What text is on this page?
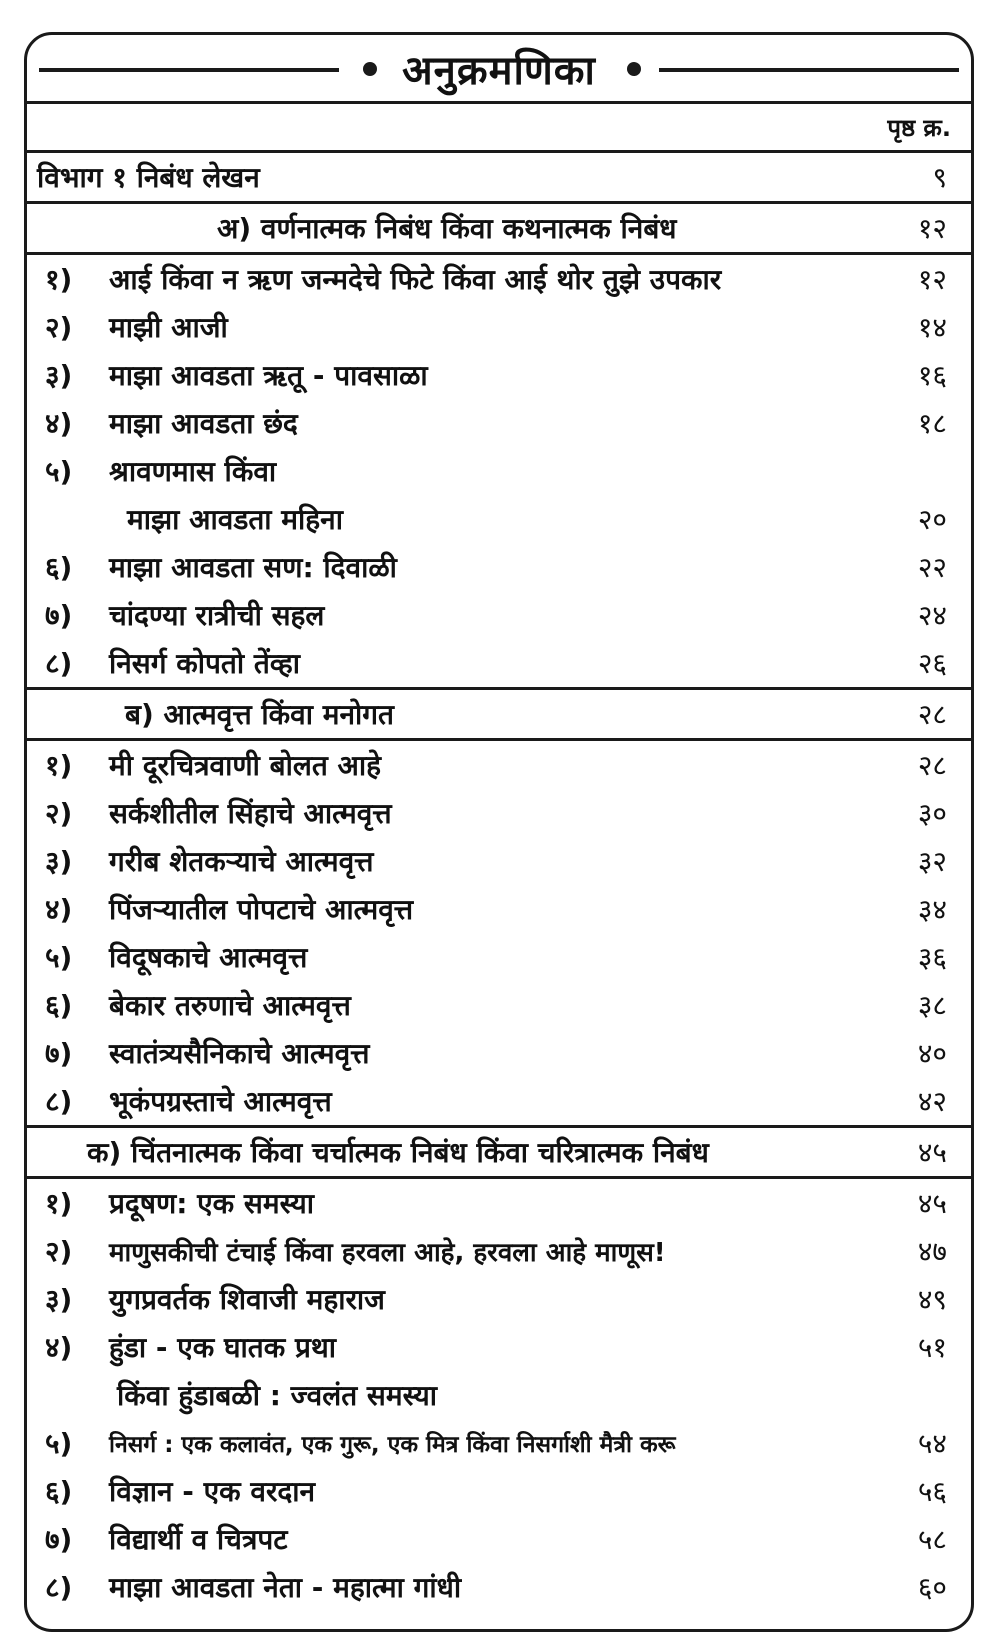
अनुक्रमणिका
पृष्ठ क्र.
विभाग १ निबंध लेखन	९
अ) वर्णनात्मक निबंध किंवा कथनात्मक निबंध	१२
१)	आई किंवा न ऋण जन्मदेचे फिटे किंवा आई थोर तुझे उपकार	१२
२)	माझी आजी	१४
३)	माझा आवडता ऋतू - पावसाळा	१६
४)	माझा आवडता छंद	१८
५)	श्रावणमास किंवा
माझा आवडता महिना	२०
६)	माझा आवडता सण: दिवाळी	२२
७)	चांदण्या रात्रीची सहल	२४
८)	निसर्ग कोपतो तेंव्हा	२६
ब) आत्मवृत्त किंवा मनोगत	२८
१)	मी दूरचित्रवाणी बोलत आहे	२८
२)	सर्कशीतील सिंहाचे आत्मवृत्त	३०
३)	गरीब शेतकऱ्याचे आत्मवृत्त	३२
४)	पिंजऱ्यातील पोपटाचे आत्मवृत्त	३४
५)	विदूषकाचे आत्मवृत्त	३६
६)	बेकार तरुणाचे आत्मवृत्त	३८
७)	स्वातंत्र्यसैनिकाचे आत्मवृत्त	४०
८)	भूकंपग्रस्ताचे आत्मवृत्त	४२
क) चिंतनात्मक किंवा चर्चात्मक निबंध किंवा चरित्रात्मक निबंध	४५
१)	प्रदूषण: एक समस्या	४५
२)	माणुसकीची टंचाई किंवा हरवला आहे, हरवला आहे माणूस!	४७
३)	युगप्रवर्तक शिवाजी महाराज	४९
४)	हुंडा - एक घातक प्रथा	५१
किंवा हुंडाबळी : ज्वलंत समस्या
५)	निसर्ग : एक कलावंत, एक गुरू, एक मित्र किंवा निसर्गाशी मैत्री करू	५४
६)	विज्ञान - एक वरदान	५६
७)	विद्यार्थी व चित्रपट	५८
८)	माझा आवडता नेता - महात्मा गांधी	६०
